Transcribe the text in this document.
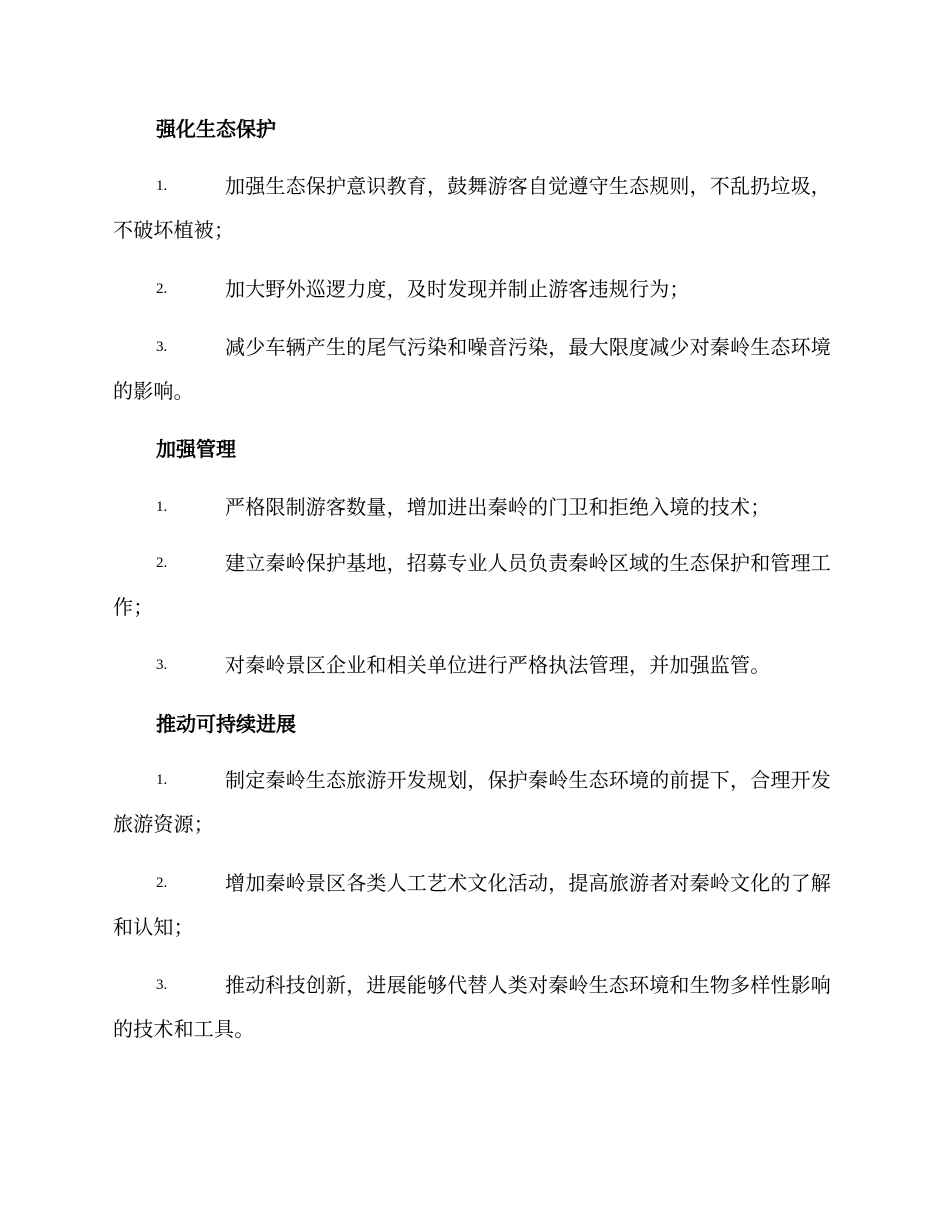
强化生态保护
1.	加强生态保护意识教育，鼓舞游客自觉遵守生态规则，不乱扔垃圾，不破坏植被；
2.	加大野外巡逻力度，及时发现并制止游客违规行为；
3.	减少车辆产生的尾气污染和噪音污染，最大限度减少对秦岭生态环境的影响。
加强管理
1.	严格限制游客数量，增加进出秦岭的门卫和拒绝入境的技术；
2.	建立秦岭保护基地，招募专业人员负责秦岭区域的生态保护和管理工作；
3.	对秦岭景区企业和相关单位进行严格执法管理，并加强监管。
推动可持续进展
1.	制定秦岭生态旅游开发规划，保护秦岭生态环境的前提下，合理开发旅游资源；
2.	增加秦岭景区各类人工艺术文化活动，提高旅游者对秦岭文化的了解和认知；
3.	推动科技创新，进展能够代替人类对秦岭生态环境和生物多样性影响的技术和工具。
